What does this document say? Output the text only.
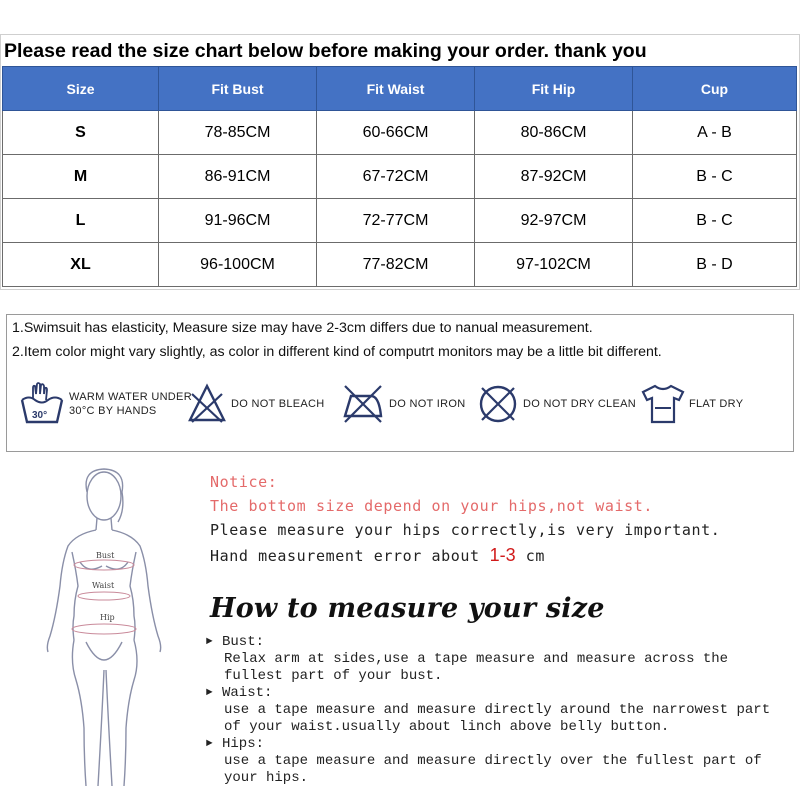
Please read the size chart below before making your order. thank you
Size	Fit Bust	Fit Waist	Fit Hip	Cup
S	78-85CM	60-66CM	80-86CM	A - B
M	86-91CM	67-72CM	87-92CM	B - C
L	91-96CM	72-77CM	92-97CM	B - C
XL	96-100CM	77-82CM	97-102CM	B - D
1.Swimsuit has elasticity, Measure size may have 2-3cm differs due to nanual measurement.
2.Item color might vary slightly, as color in different kind of computrt monitors may be a little bit different.
30°
WARM WATER UNDER
30°C BY HANDS
DO NOT BLEACH	DO NOT IRON	DO NOT DRY CLEAN	FLAT DRY
Bust
Waist
Hip
Notice:
The bottom size depend on your hips,not waist.
Please measure your hips correctly,is very important.
Hand measurement error about 1-3 cm
How to measure your size
► Bust:
Relax arm at sides,use a tape measure and measure across the
fullest part of your bust.
► Waist:
use a tape measure and measure directly around the narrowest part
of your waist.usually about linch above belly button.
► Hips:
use a tape measure and measure directly over the fullest part of
your hips.
